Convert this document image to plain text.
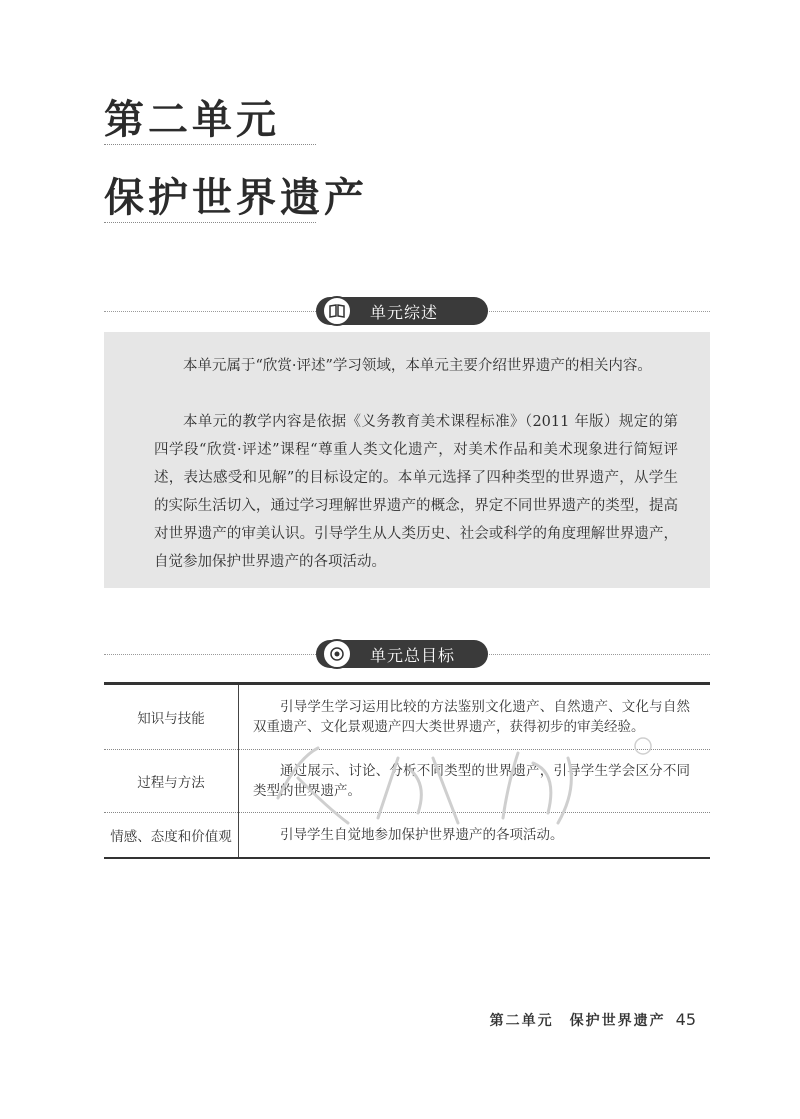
第二单元
保护世界遗产
单元综述

本单元属于“欣赏·评述”学习领域，本单元主要介绍世界遗产的相关内容。

本单元的教学内容是依据《义务教育美术课程标准》（2011 年版）规定的第四学段“欣赏·评述”课程“尊重人类文化遗产，对美术作品和美术现象进行简短评述，表达感受和见解”的目标设定的。本单元选择了四种类型的世界遗产，从学生的实际生活切入，通过学习理解世界遗产的概念，界定不同世界遗产的类型，提高对世界遗产的审美认识。引导学生从人类历史、社会或科学的角度理解世界遗产，自觉参加保护世界遗产的各项活动。

单元总目标
知识与技能	引导学生学习运用比较的方法鉴别文化遗产、自然遗产、文化与自然双重遗产、文化景观遗产四大类世界遗产，获得初步的审美经验。

过程与方法	通过展示、讨论、分析不同类型的世界遗产，引导学生学会区分不同类型的世界遗产。

情感、态度和价值观	引导学生自觉地参加保护世界遗产的各项活动。
第二单元　保护世界遗产 45
